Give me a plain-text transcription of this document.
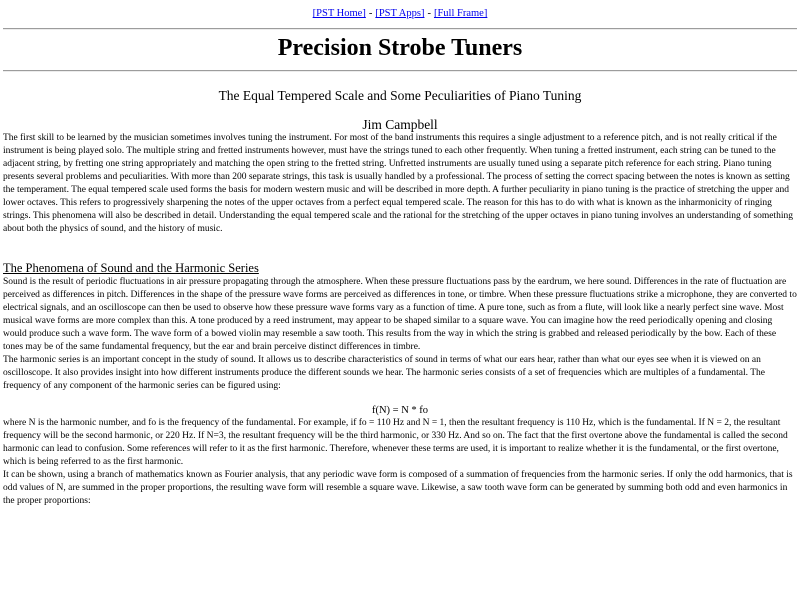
[PST Home] - [PST Apps] - [Full Frame]
Precision Strobe Tuners
The Equal Tempered Scale and Some Peculiarities of Piano Tuning
Jim Campbell

The first skill to be learned by the musician sometimes involves tuning the instrument. For most of the band instruments this requires a single adjustment to a reference pitch, and is not really critical if the instrument is being played solo. The multiple string and fretted instruments however, must have the strings tuned to each other frequently. When tuning a fretted instrument, each string can be tuned to the adjacent string, by fretting one string appropriately and matching the open string to the fretted string. Unfretted instruments are usually tuned using a separate pitch reference for each string. Piano tuning presents several problems and peculiarities. With more than 200 separate strings, this task is usually handled by a professional. The process of setting the correct spacing between the notes is known as setting the temperament. The equal tempered scale used forms the basis for modern western music and will be described in more depth. A further peculiarity in piano tuning is the practice of stretching the upper and lower octaves. This refers to progressively sharpening the notes of the upper octaves from a perfect equal tempered scale. The reason for this has to do with what is known as the inharmonicity of ringing strings. This phenomena will also be described in detail. Understanding the equal tempered scale and the rational for the stretching of the upper octaves in piano tuning involves an understanding of something about both the physics of sound, and the history of music.

The Phenomena of Sound and the Harmonic Series

Sound is the result of periodic fluctuations in air pressure propagating through the atmosphere. When these pressure fluctuations pass by the eardrum, we here sound. Differences in the rate of fluctuation are perceived as differences in pitch. Differences in the shape of the pressure wave forms are perceived as differences in tone, or timbre. When these pressure fluctuations strike a microphone, they are converted to electrical signals, and an oscilloscope can then be used to observe how these pressure wave forms vary as a function of time. A pure tone, such as from a flute, will look like a nearly perfect sine wave. Most musical wave forms are more complex than this. A tone produced by a reed instrument, may appear to be shaped similar to a square wave. You can imagine how the reed periodically opening and closing would produce such a wave form. The wave form of a bowed violin may resemble a saw tooth. This results from the way in which the string is grabbed and released periodically by the bow. Each of these tones may be of the same fundamental frequency, but the ear and brain perceive distinct differences in timbre.

The harmonic series is an important concept in the study of sound. It allows us to describe characteristics of sound in terms of what our ears hear, rather than what our eyes see when it is viewed on an oscilloscope. It also provides insight into how different instruments produce the different sounds we hear. The harmonic series consists of a set of frequencies which are multiples of a fundamental. The frequency of any component of the harmonic series can be figured using:

f(N) = N * fo

where N is the harmonic number, and fo is the frequency of the fundamental. For example, if fo = 110 Hz and N = 1, then the resultant frequency is 110 Hz, which is the fundamental. If N = 2, the resultant frequency will be the second harmonic, or 220 Hz. If N=3, the resultant frequency will be the third harmonic, or 330 Hz. And so on. The fact that the first overtone above the fundamental is called the second harmonic can lead to confusion. Some references will refer to it as the first harmonic. Therefore, whenever these terms are used, it is important to realize whether it is the fundamental, or the first overtone, which is being referred to as the first harmonic.

It can be shown, using a branch of mathematics known as Fourier analysis, that any periodic wave form is composed of a summation of frequencies from the harmonic series. If only the odd harmonics, that is odd values of N, are summed in the proper proportions, the resulting wave form will resemble a square wave. Likewise, a saw tooth wave form can be generated by summing both odd and even harmonics in the proper proportions:
